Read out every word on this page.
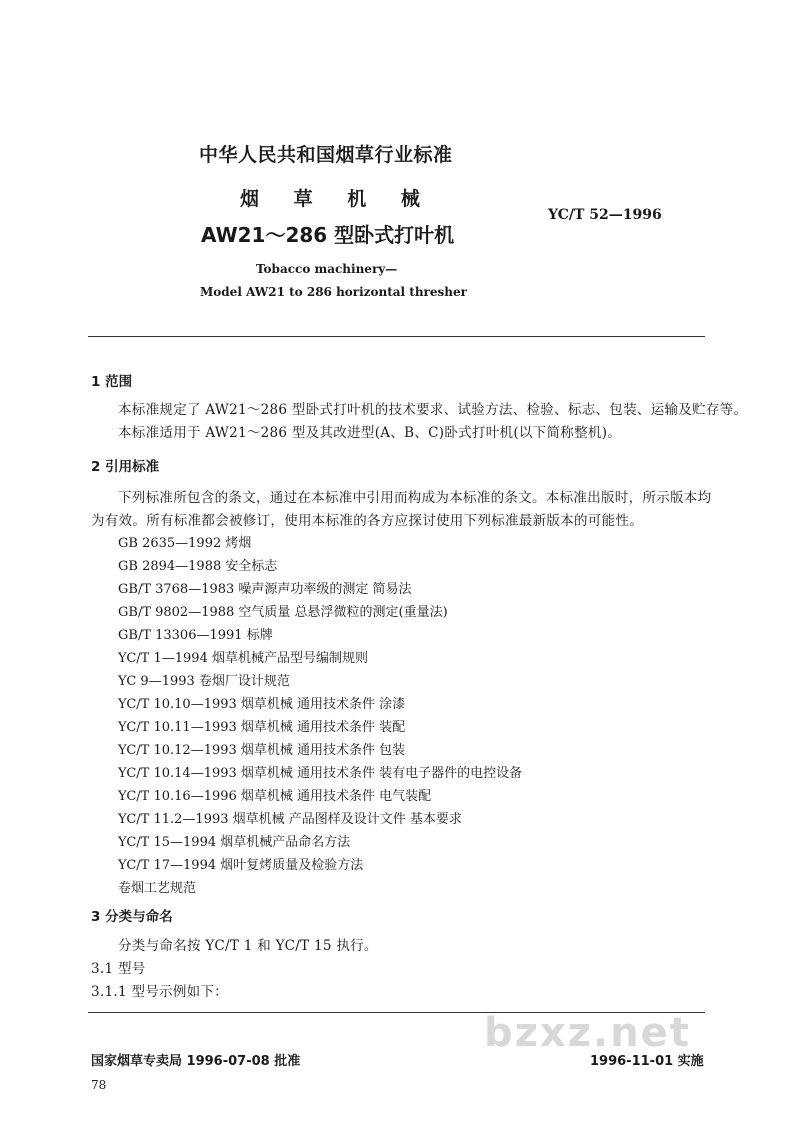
中华人民共和国烟草行业标准
烟 草 机 械
AW21～286 型卧式打叶机
YC/T 52—1996
Tobacco machinery—
Model AW21 to 286 horizontal thresher
1 范围
本标准规定了 AW21～286 型卧式打叶机的技术要求、试验方法、检验、标志、包装、运输及贮存等。
本标准适用于 AW21～286 型及其改进型(A、B、C)卧式打叶机(以下简称整机)。
2 引用标准
下列标准所包含的条文，通过在本标准中引用而构成为本标准的条文。本标准出版时，所示版本均
为有效。所有标准都会被修订，使用本标准的各方应探讨使用下列标准最新版本的可能性。
GB 2635—1992 烤烟
GB 2894—1988 安全标志
GB/T 3768—1983 噪声源声功率级的测定 简易法
GB/T 9802—1988 空气质量 总悬浮微粒的测定(重量法)
GB/T 13306—1991 标牌
YC/T 1—1994 烟草机械产品型号编制规则
YC 9—1993 卷烟厂设计规范
YC/T 10.10—1993 烟草机械 通用技术条件 涂漆
YC/T 10.11—1993 烟草机械 通用技术条件 装配
YC/T 10.12—1993 烟草机械 通用技术条件 包装
YC/T 10.14—1993 烟草机械 通用技术条件 装有电子器件的电控设备
YC/T 10.16—1996 烟草机械 通用技术条件 电气装配
YC/T 11.2—1993 烟草机械 产品图样及设计文件 基本要求
YC/T 15—1994 烟草机械产品命名方法
YC/T 17—1994 烟叶复烤质量及检验方法
卷烟工艺规范
3 分类与命名
分类与命名按 YC/T 1 和 YC/T 15 执行。
3.1 型号
3.1.1 型号示例如下：
bzxz.net
国家烟草专卖局 1996-07-08 批准	1996-11-01 实施
78
